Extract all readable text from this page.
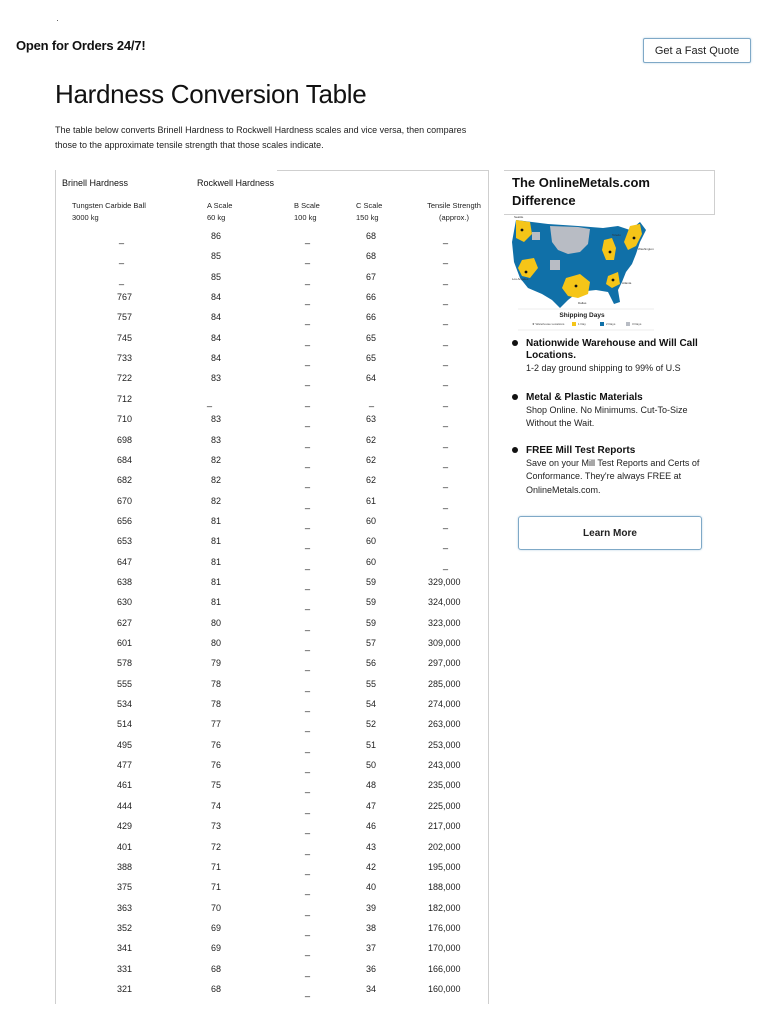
Open for Orders 24/7!	Get a Fast Quote
Hardness Conversion Table
The table below converts Brinell Hardness to Rockwell Hardness scales and vice versa, then compares those to the approximate tensile strength that those scales indicate.
Brinell Hardness	Rockwell Hardness
Tungsten Carbide Ball
3000 kg
A Scale
60 kg
B Scale
100 kg
C Scale
150 kg
Tensile Strength
(approx.)
_	86	_	68	_
_	85	_	68	_
_	85	_	67	_
767	84	_	66	_
757	84	_	66	_
745	84	_	65	_
733	84	_	65	_
722	83	_	64	_
712	_	_	_	_
710	83	_	63	_
698	83	_	62	_
684	82	_	62	_
682	82	_	62	_
670	82	_	61	_
656	81	_	60	_
653	81	_	60	_
647	81	_	60	_
638	81	_	59	329,000
630	81	_	59	324,000
627	80	_	59	323,000
601	80	_	57	309,000
578	79	_	56	297,000
555	78	_	55	285,000
534	78	_	54	274,000
514	77	_	52	263,000
495	76	_	51	253,000
477	76	_	50	243,000
461	75	_	48	235,000
444	74	_	47	225,000
429	73	_	46	217,000
401	72	_	43	202,000
388	71	_	42	195,000
375	71	_	40	188,000
363	70	_	39	182,000
352	69	_	38	176,000
341	69	_	37	170,000
331	68	_	36	166,000
321	68	_	34	160,000
The OnlineMetals.com Difference
Seattle
Los Angeles
Dallas
Toledo
Washington
Atlanta
Shipping Days
★ Warehouse Locations	1 Day	2 Days	3 Days
Nationwide Warehouse and Will Call Locations.
1-2 day ground shipping to 99% of U.S
Metal & Plastic Materials
Shop Online. No Minimums. Cut-To-Size Without the Wait.
FREE Mill Test Reports
Save on your Mill Test Reports and Certs of Conformance. They're always FREE at OnlineMetals.com.
Learn More
